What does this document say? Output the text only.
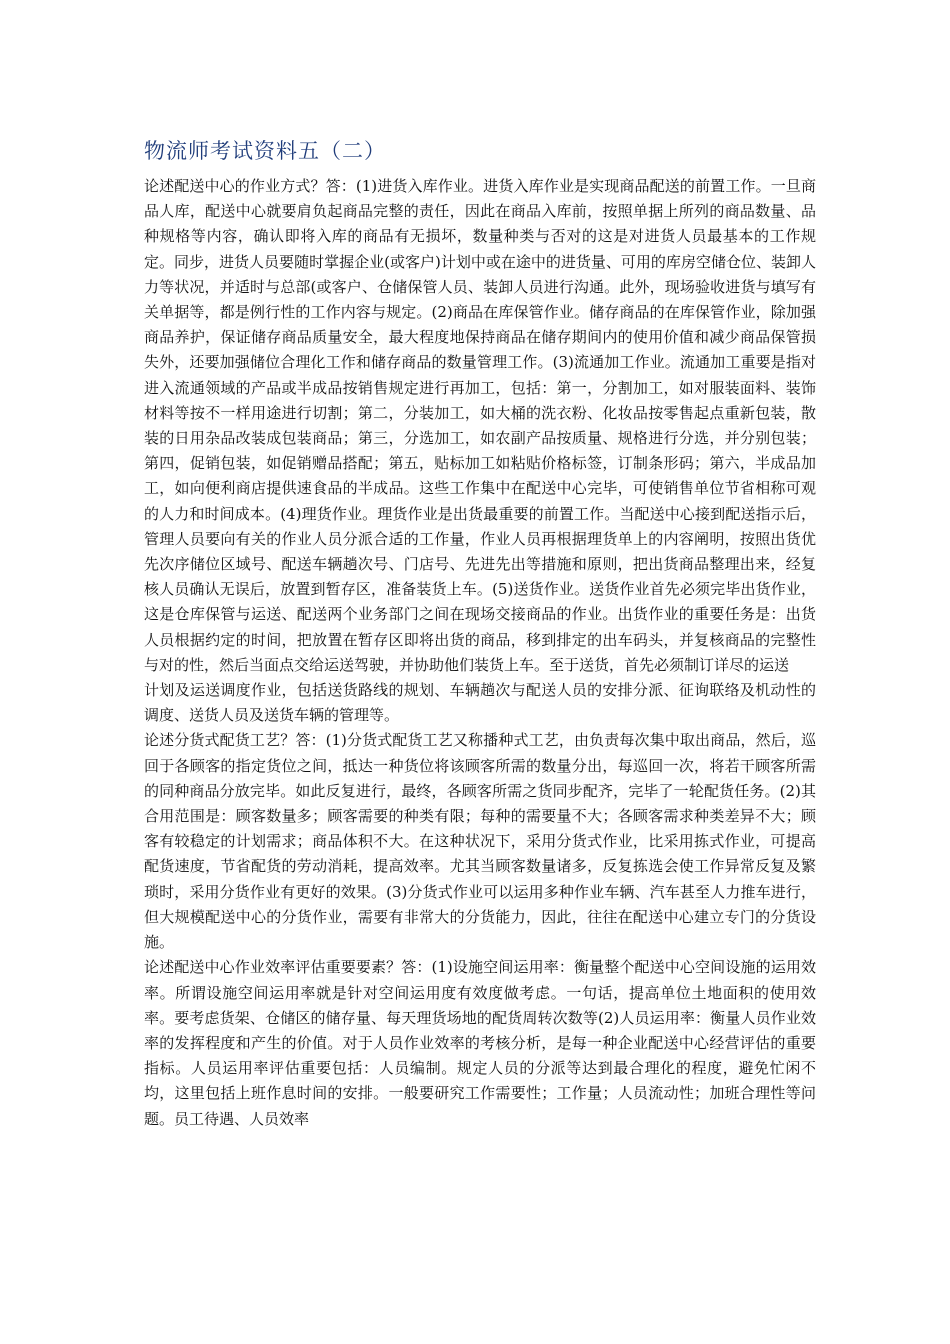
物流师考试资料五（二）

论述配送中心的作业方式？答：(1)进货入库作业。进货入库作业是实现商品配送的前置工作。一旦商品人库，配送中心就要肩负起商品完整的责任，因此在商品入库前，按照单据上所列的商品数量、品种规格等内容，确认即将入库的商品有无损坏，数量种类与否对的这是对进货人员最基本的工作规定。同步，进货人员要随时掌握企业(或客户)计划中或在途中的进货量、可用的库房空储仓位、装卸人力等状况，并适时与总部(或客户、仓储保管人员、装卸人员进行沟通。此外，现场验收进货与填写有关单据等，都是例行性的工作内容与规定。(2)商品在库保管作业。储存商品的在库保管作业，除加强商品养护，保证储存商品质量安全，最大程度地保持商品在储存期间内的使用价值和减少商品保管损失外，还要加强储位合理化工作和储存商品的数量管理工作。(3)流通加工作业。流通加工重要是指对进入流通领域的产品或半成品按销售规定进行再加工，包括：第一，分割加工，如对服装面料、装饰材料等按不一样用途进行切割；第二，分装加工，如大桶的洗衣粉、化妆品按零售起点重新包装，散装的日用杂品改装成包装商品；第三，分选加工，如农副产品按质量、规格进行分选，并分别包装；第四，促销包装，如促销赠品搭配；第五，贴标加工如粘贴价格标签，订制条形码；第六，半成品加工，如向便利商店提供速食品的半成品。这些工作集中在配送中心完毕，可使销售单位节省相称可观的人力和时间成本。(4)理货作业。理货作业是出货最重要的前置工作。当配送中心接到配送指示后，管理人员要向有关的作业人员分派合适的工作量，作业人员再根据理货单上的内容阐明，按照出货优先次序储位区域号、配送车辆趟次号、门店号、先进先出等措施和原则，把出货商品整理出来，经复核人员确认无误后，放置到暂存区，准备装货上车。(5)送货作业。送货作业首先必须完毕出货作业，这是仓库保管与运送、配送两个业务部门之间在现场交接商品的作业。出货作业的重要任务是：出货人员根据约定的时间，把放置在暂存区即将出货的商品，移到排定的出车码头，并复核商品的完整性与对的性，然后当面点交给运送驾驶，并协助他们装货上车。至于送货，首先必须制订详尽的运送

计划及运送调度作业，包括送货路线的规划、车辆趟次与配送人员的安排分派、征询联络及机动性的调度、送货人员及送货车辆的管理等。

论述分货式配货工艺？答：(1)分货式配货工艺又称播种式工艺，由负责每次集中取出商品，然后，巡回于各顾客的指定货位之间，抵达一种货位将该顾客所需的数量分出，每巡回一次，将若干顾客所需的同种商品分放完毕。如此反复进行，最终，各顾客所需之货同步配齐，完毕了一轮配货任务。(2)其合用范围是：顾客数量多；顾客需要的种类有限；每种的需要量不大；各顾客需求种类差异不大；顾客有较稳定的计划需求；商品体积不大。在这种状况下，采用分货式作业，比采用拣式作业，可提高配货速度，节省配货的劳动消耗，提高效率。尤其当顾客数量诸多，反复拣选会使工作异常反复及繁琐时，采用分货作业有更好的效果。(3)分货式作业可以运用多种作业车辆、汽车甚至人力推车进行，但大规模配送中心的分货作业，需要有非常大的分货能力，因此，往往在配送中心建立专门的分货设施。

论述配送中心作业效率评估重要要素？答：(1)设施空间运用率：衡量整个配送中心空间设施的运用效率。所谓设施空间运用率就是针对空间运用度有效度做考虑。一句话，提高单位土地面积的使用效率。要考虑货架、仓储区的储存量、每天理货场地的配货周转次数等(2)人员运用率：衡量人员作业效率的发挥程度和产生的价值。对于人员作业效率的考核分析，是每一种企业配送中心经营评估的重要指标。人员运用率评估重要包括：人员编制。规定人员的分派等达到最合理化的程度，避免忙闲不均，这里包括上班作息时间的安排。一般要研究工作需要性；工作量；人员流动性；加班合理性等问题。员工待遇、人员效率
